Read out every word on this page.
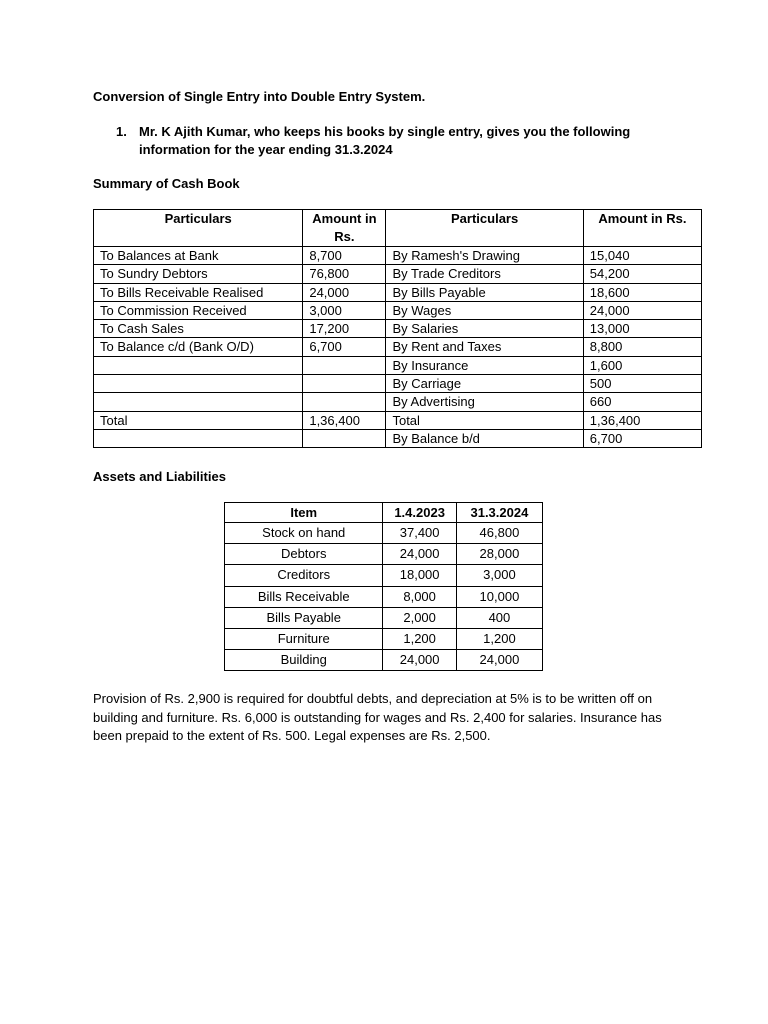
Conversion of Single Entry into Double Entry System.
1. Mr. K Ajith Kumar, who keeps his books by single entry, gives you the following information for the year ending 31.3.2024
Summary of Cash Book
Particulars	Amount in Rs.	Particulars	Amount in Rs.
To Balances at Bank	8,700	By Ramesh's Drawing	15,040
To Sundry Debtors	76,800	By Trade Creditors	54,200
To Bills Receivable Realised	24,000	By Bills Payable	18,600
To Commission Received	3,000	By Wages	24,000
To Cash Sales	17,200	By Salaries	13,000
To Balance c/d (Bank O/D)	6,700	By Rent and Taxes	8,800
		By Insurance	1,600
		By Carriage	500
		By Advertising	660
Total	1,36,400	Total	1,36,400
		By Balance b/d	6,700
Assets and Liabilities
Item	1.4.2023	31.3.2024
Stock on hand	37,400	46,800
Debtors	24,000	28,000
Creditors	18,000	3,000
Bills Receivable	8,000	10,000
Bills Payable	2,000	400
Furniture	1,200	1,200
Building	24,000	24,000
Provision of Rs. 2,900 is required for doubtful debts, and depreciation at 5% is to be written off on building and furniture. Rs. 6,000 is outstanding for wages and Rs. 2,400 for salaries. Insurance has been prepaid to the extent of Rs. 500. Legal expenses are Rs. 2,500.
